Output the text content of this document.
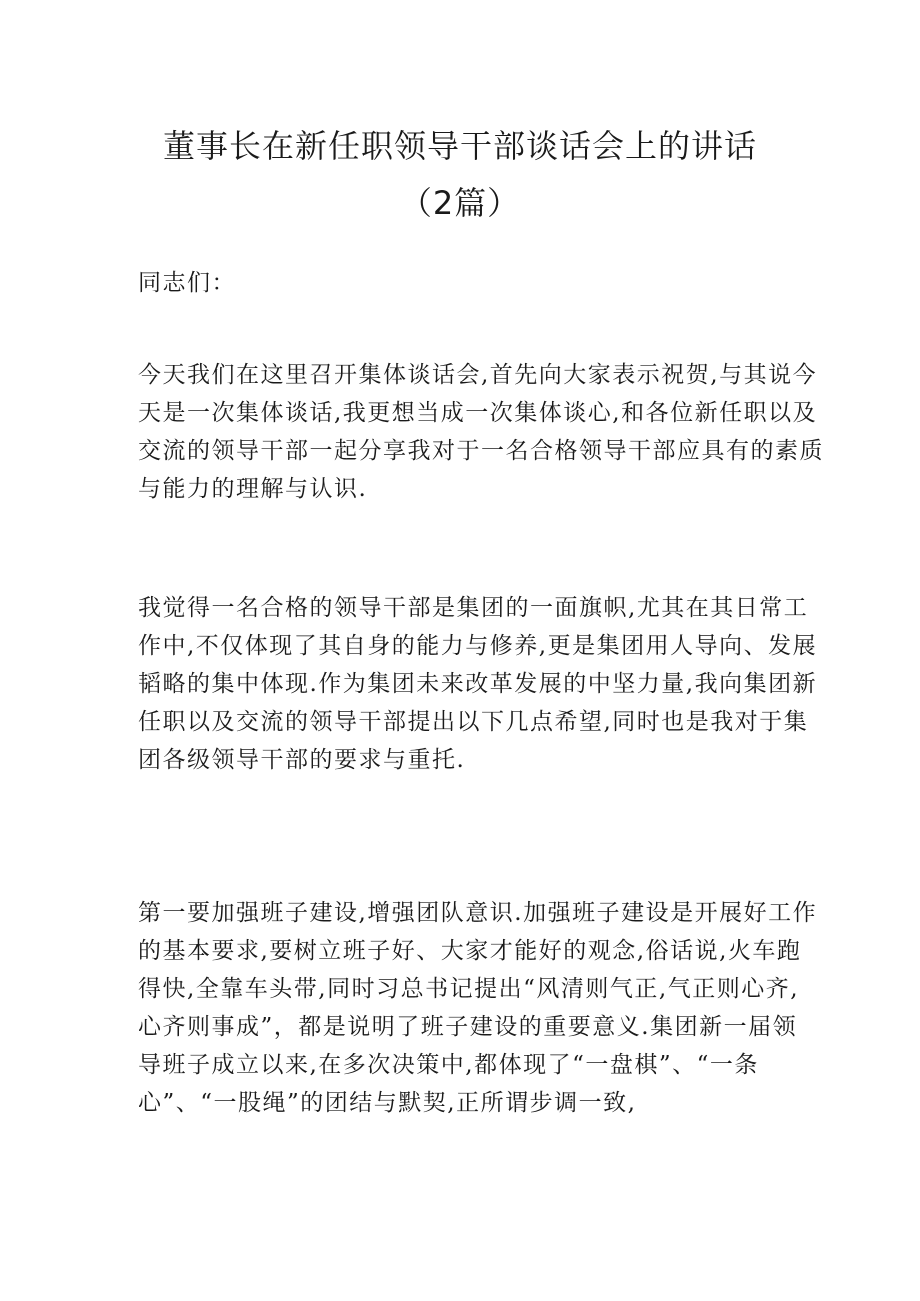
董事长在新任职领导干部谈话会上的讲话
（2篇）
同志们：
今天我们在这里召开集体谈话会,首先向大家表示祝贺,与其说今
天是一次集体谈话,我更想当成一次集体谈心,和各位新任职以及
交流的领导干部一起分享我对于一名合格领导干部应具有的素质
与能力的理解与认识.
我觉得一名合格的领导干部是集团的一面旗帜,尤其在其日常工
作中,不仅体现了其自身的能力与修养,更是集团用人导向、发展
韬略的集中体现.作为集团未来改革发展的中坚力量,我向集团新
任职以及交流的领导干部提出以下几点希望,同时也是我对于集
团各级领导干部的要求与重托.
第一要加强班子建设,增强团队意识.加强班子建设是开展好工作
的基本要求,要树立班子好、大家才能好的观念,俗话说,火车跑
得快,全靠车头带,同时习总书记提出“风清则气正,气正则心齐,
心齐则事成”，都是说明了班子建设的重要意义.集团新一届领
导班子成立以来,在多次决策中,都体现了“一盘棋”、“一条
心”、“一股绳”的团结与默契,正所谓步调一致,
